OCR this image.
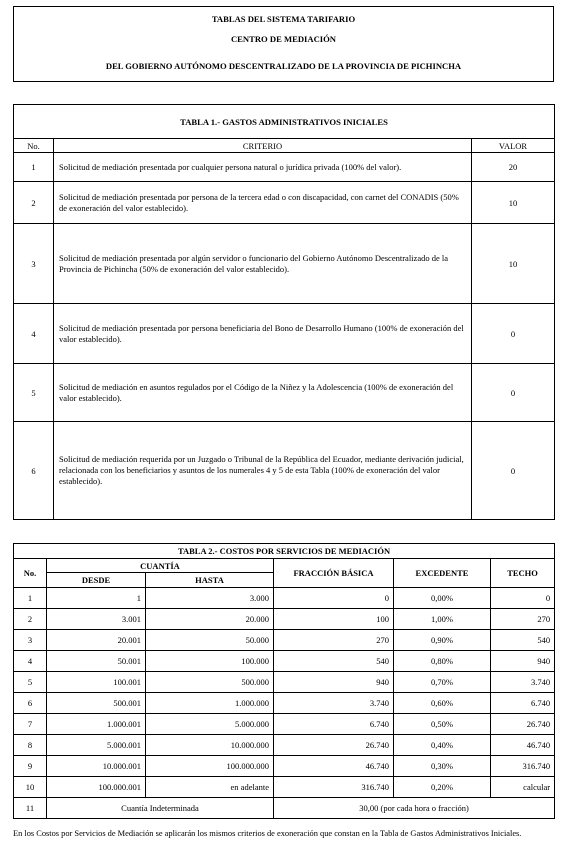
TABLAS DEL SISTEMA TARIFARIO
CENTRO DE MEDIACIÓN
DEL GOBIERNO AUTÓNOMO DESCENTRALIZADO DE LA PROVINCIA DE PICHINCHA
TABLA 1.- GASTOS ADMINISTRATIVOS INICIALES		
No.	CRITERIO	VALOR
1	Solicitud de mediación presentada por cualquier persona natural o jurídica privada (100% del valor).	20
2	Solicitud de mediación presentada por persona de la tercera edad o con discapacidad, con carnet del CONADIS (50% de exoneración del valor establecido).	10
3	Solicitud de mediación presentada por algún servidor o funcionario del Gobierno Autónomo Descentralizado de la Provincia de Pichincha (50% de exoneración del valor establecido).	10
4	Solicitud de mediación presentada por persona beneficiaria del Bono de Desarrollo Humano (100% de exoneración del valor establecido).	0
5	Solicitud de mediación en asuntos regulados por el Código de la Niñez y la Adolescencia (100% de exoneración del valor establecido).	0
6	Solicitud de mediación requerida por un Juzgado o Tribunal de la República del Ecuador, mediante derivación judicial, relacionada con los beneficiarios y asuntos de los numerales 4 y 5 de esta Tabla (100% de exoneración del valor establecido).	0
TABLA 2.- COSTOS POR SERVICIOS DE MEDIACIÓN					
No.	CUANTÍA		FRACCIÓN BÁSICA	EXCEDENTE	TECHO
	DESDE	HASTA			
1	1	3.000	0	0,00%	0
2	3.001	20.000	100	1,00%	270
3	20.001	50.000	270	0,90%	540
4	50.001	100.000	540	0,80%	940
5	100.001	500.000	940	0,70%	3.740
6	500.001	1.000.000	3.740	0,60%	6.740
7	1.000.001	5.000.000	6.740	0,50%	26.740
8	5.000.001	10.000.000	26.740	0,40%	46.740
9	10.000.001	100.000.000	46.740	0,30%	316.740
10	100.000.001	en adelante	316.740	0,20%	calcular
11	Cuantía Indeterminada		30,00 (por cada hora o fracción)		
En los Costos por Servicios de Mediación se aplicarán los mismos criterios de exoneración que constan en la Tabla de Gastos Administrativos Iniciales.
